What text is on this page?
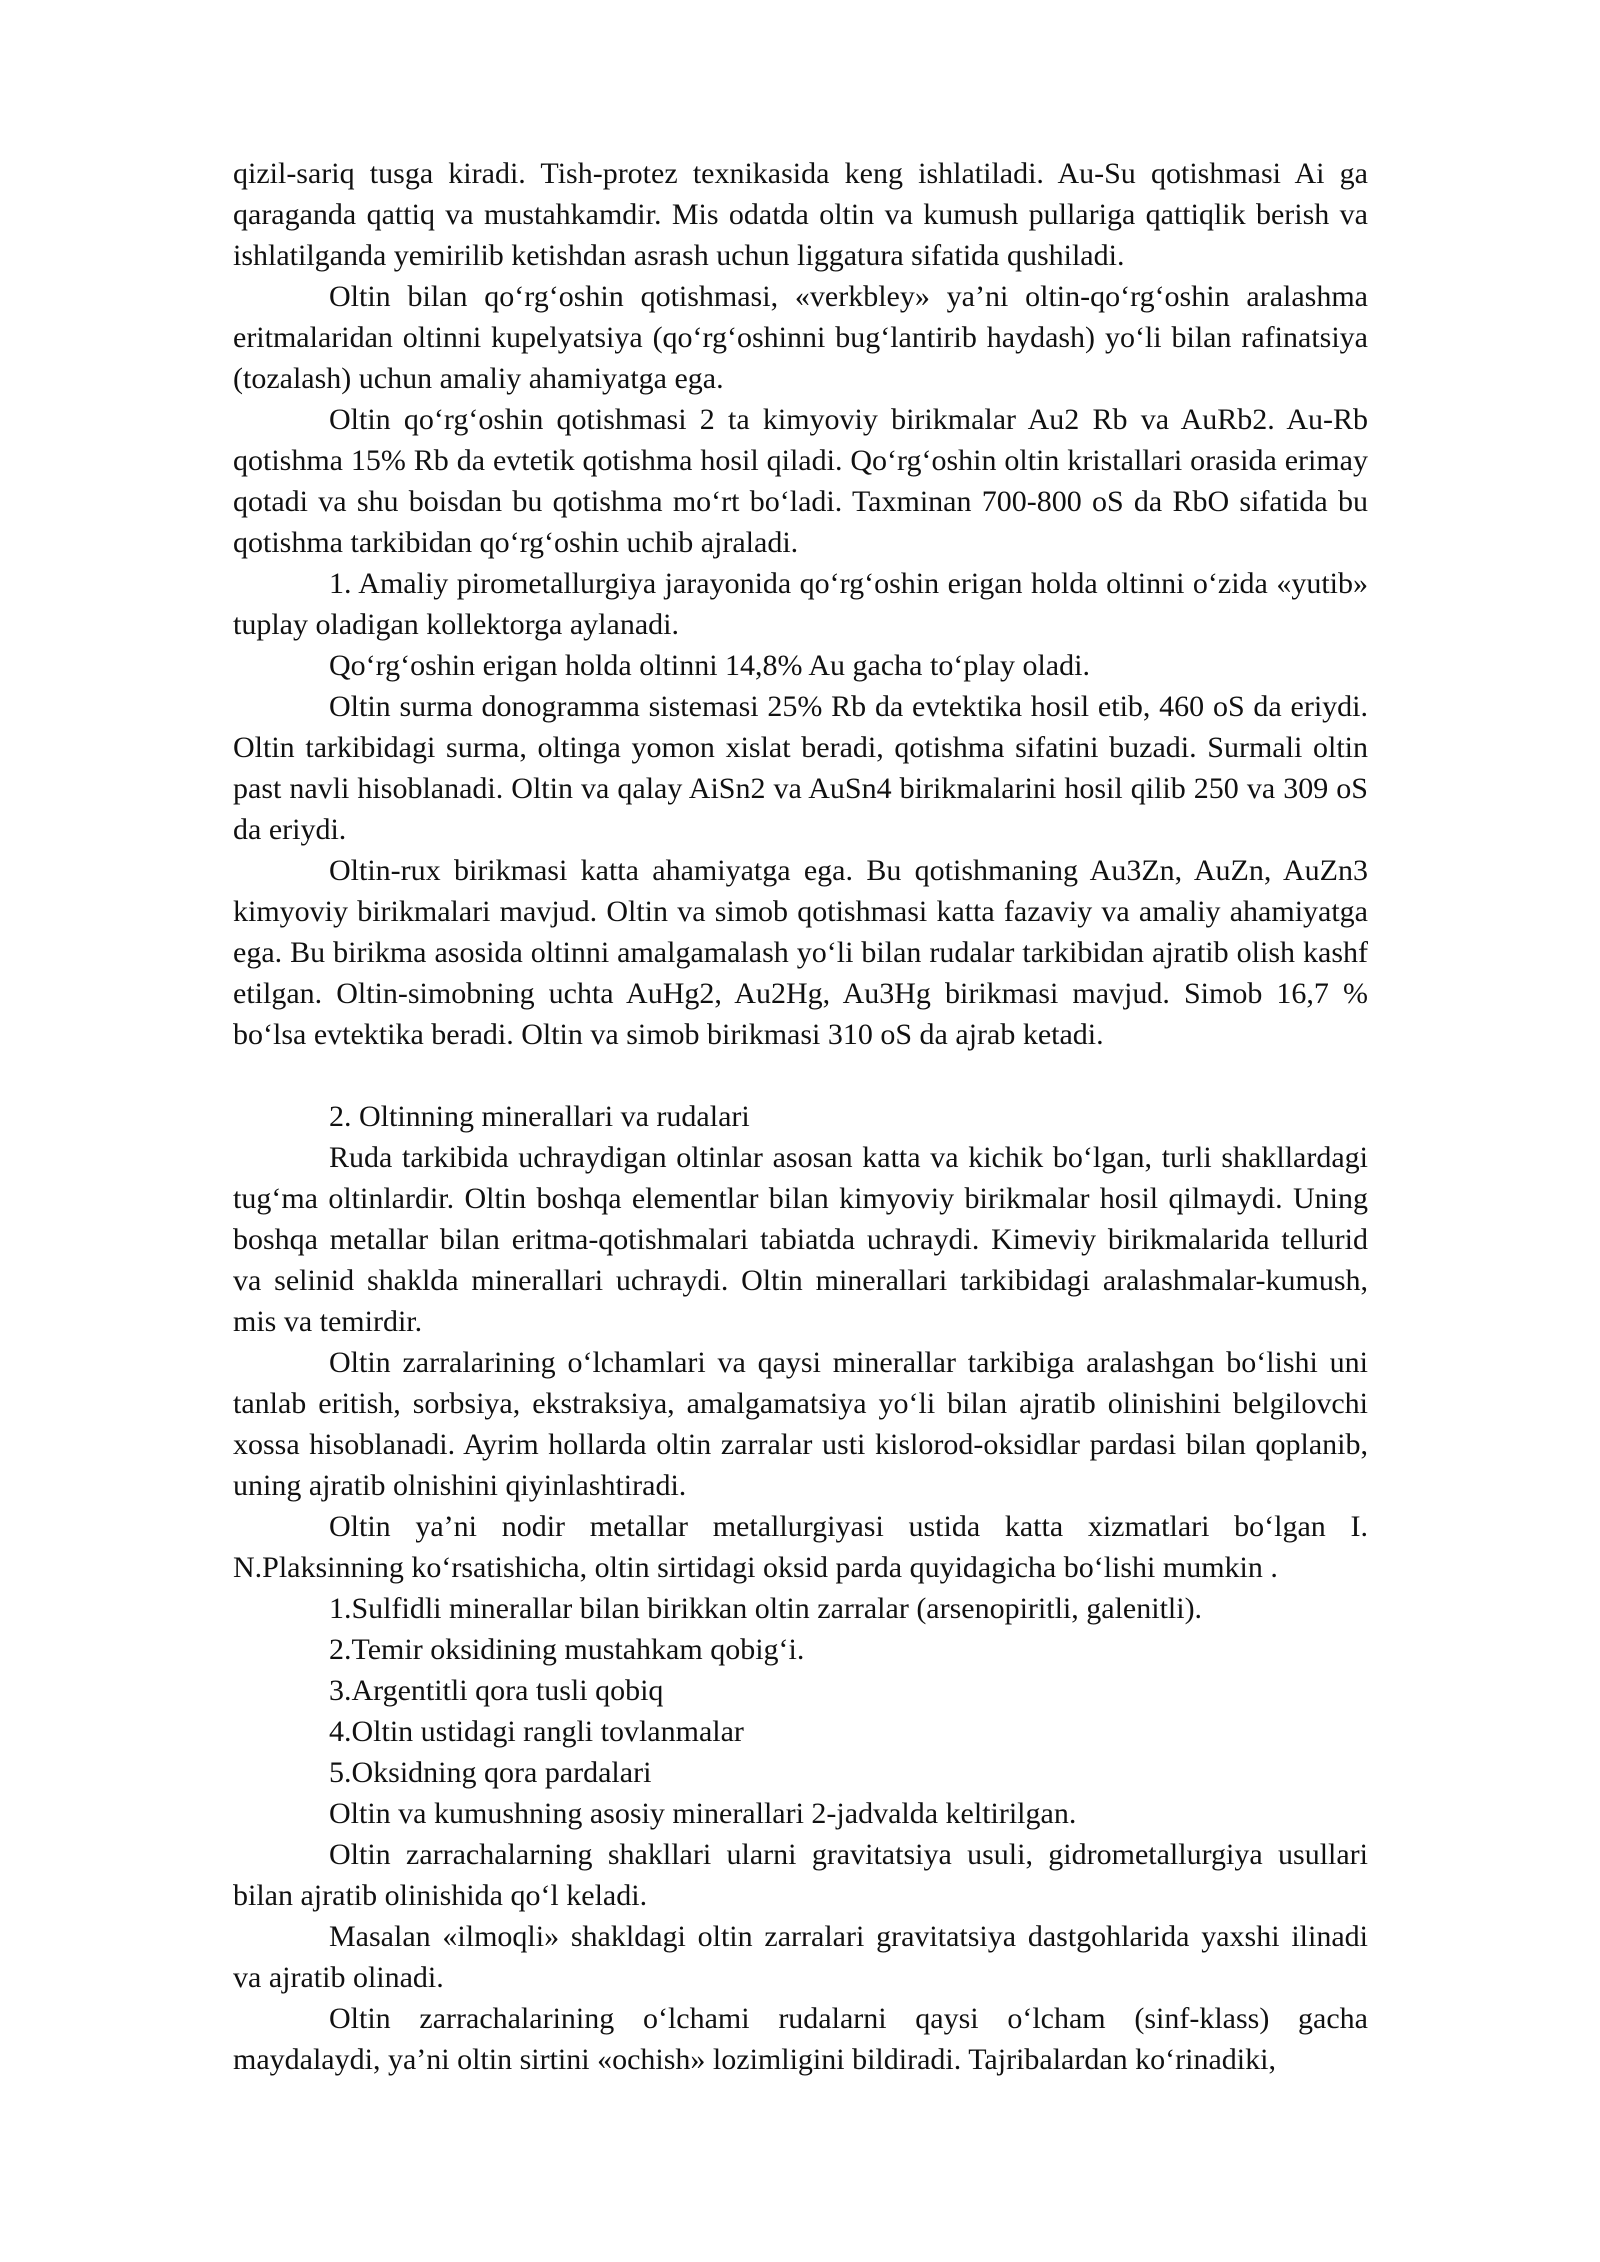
qizil-sariq tusga kiradi. Tish-protez texnikasida keng ishlatiladi. Au-Su qotishmasi Ai ga qaraganda qattiq va mustahkamdir. Mis odatda oltin va kumush pullariga qattiqlik berish va ishlatilganda yemirilib ketishdan asrash uchun liggatura sifatida qushiladi.

Oltin bilan qo‘rg‘oshin qotishmasi, «verkbley» ya’ni oltin-qo‘rg‘oshin aralashma eritmalaridan oltinni kupelyatsiya (qo‘rg‘oshinni bug‘lantirib haydash) yo‘li bilan rafinatsiya (tozalash) uchun amaliy ahamiyatga ega.

Oltin qo‘rg‘oshin qotishmasi 2 ta kimyoviy birikmalar Au2 Rb va AuRb2. Au-Rb qotishma 15% Rb da evtetik qotishma hosil qiladi. Qo‘rg‘oshin oltin kristallari orasida erimay qotadi va shu boisdan bu qotishma mo‘rt bo‘ladi. Taxminan 700-800 oS da RbO sifatida bu qotishma tarkibidan qo‘rg‘oshin uchib ajraladi.

1. Amaliy pirometallurgiya jarayonida qo‘rg‘oshin erigan holda oltinni o‘zida «yutib» tuplay oladigan kollektorga aylanadi.

Qo‘rg‘oshin erigan holda oltinni 14,8% Au gacha to‘play oladi.

Oltin surma donogramma sistemasi 25% Rb da evtektika hosil etib, 460 oS da eriydi. Oltin tarkibidagi surma, oltinga yomon xislat beradi, qotishma sifatini buzadi. Surmali oltin past navli hisoblanadi. Oltin va qalay AiSn2 va AuSn4 birikmalarini hosil qilib 250 va 309 oS da eriydi.

Oltin-rux birikmasi katta ahamiyatga ega. Bu qotishmaning Au3Zn, AuZn, AuZn3 kimyoviy birikmalari mavjud. Oltin va simob qotishmasi katta fazaviy va amaliy ahamiyatga ega. Bu birikma asosida oltinni amalgamalash yo‘li bilan rudalar tarkibidan ajratib olish kashf etilgan. Oltin-simobning uchta AuHg2, Au2Hg, Au3Hg birikmasi mavjud. Simob 16,7 % bo‘lsa evtektika beradi. Oltin va simob birikmasi 310 oS da ajrab ketadi.

2. Oltinning minerallari va rudalari

Ruda tarkibida uchraydigan oltinlar asosan katta va kichik bo‘lgan, turli shakllardagi tug‘ma oltinlardir. Oltin boshqa elementlar bilan kimyoviy birikmalar hosil qilmaydi. Uning boshqa metallar bilan eritma-qotishmalari tabiatda uchraydi. Kimeviy birikmalarida tellurid va selinid shaklda minerallari uchraydi. Oltin minerallari tarkibidagi aralashmalar-kumush, mis va temirdir.

Oltin zarralarining o‘lchamlari va qaysi minerallar tarkibiga aralashgan bo‘lishi uni tanlab eritish, sorbsiya, ekstraksiya, amalgamatsiya yo‘li bilan ajratib olinishini belgilovchi xossa hisoblanadi. Ayrim hollarda oltin zarralar usti kislorod-oksidlar pardasi bilan qoplanib, uning ajratib olnishini qiyinlashtiradi.

Oltin ya’ni nodir metallar metallurgiyasi ustida katta xizmatlari bo‘lgan I. N.Plaksinning ko‘rsatishicha, oltin sirtidagi oksid parda quyidagicha bo‘lishi mumkin .

1.Sulfidli minerallar bilan birikkan oltin zarralar (arsenopiritli, galenitli).

2.Temir oksidining mustahkam qobig‘i.

3.Argentitli qora tusli qobiq

4.Oltin ustidagi rangli tovlanmalar

5.Oksidning qora pardalari

Oltin va kumushning asosiy minerallari 2-jadvalda keltirilgan.

Oltin zarrachalarning shakllari ularni gravitatsiya usuli, gidrometallurgiya usullari bilan ajratib olinishida qo‘l keladi.

Masalan «ilmoqli» shakldagi oltin zarralari gravitatsiya dastgohlarida yaxshi ilinadi va ajratib olinadi.

Oltin zarrachalarining o‘lchami rudalarni qaysi o‘lcham (sinf-klass) gacha maydalaydi, ya’ni oltin sirtini «ochish» lozimligini bildiradi. Tajribalardan ko‘rinadiki,
